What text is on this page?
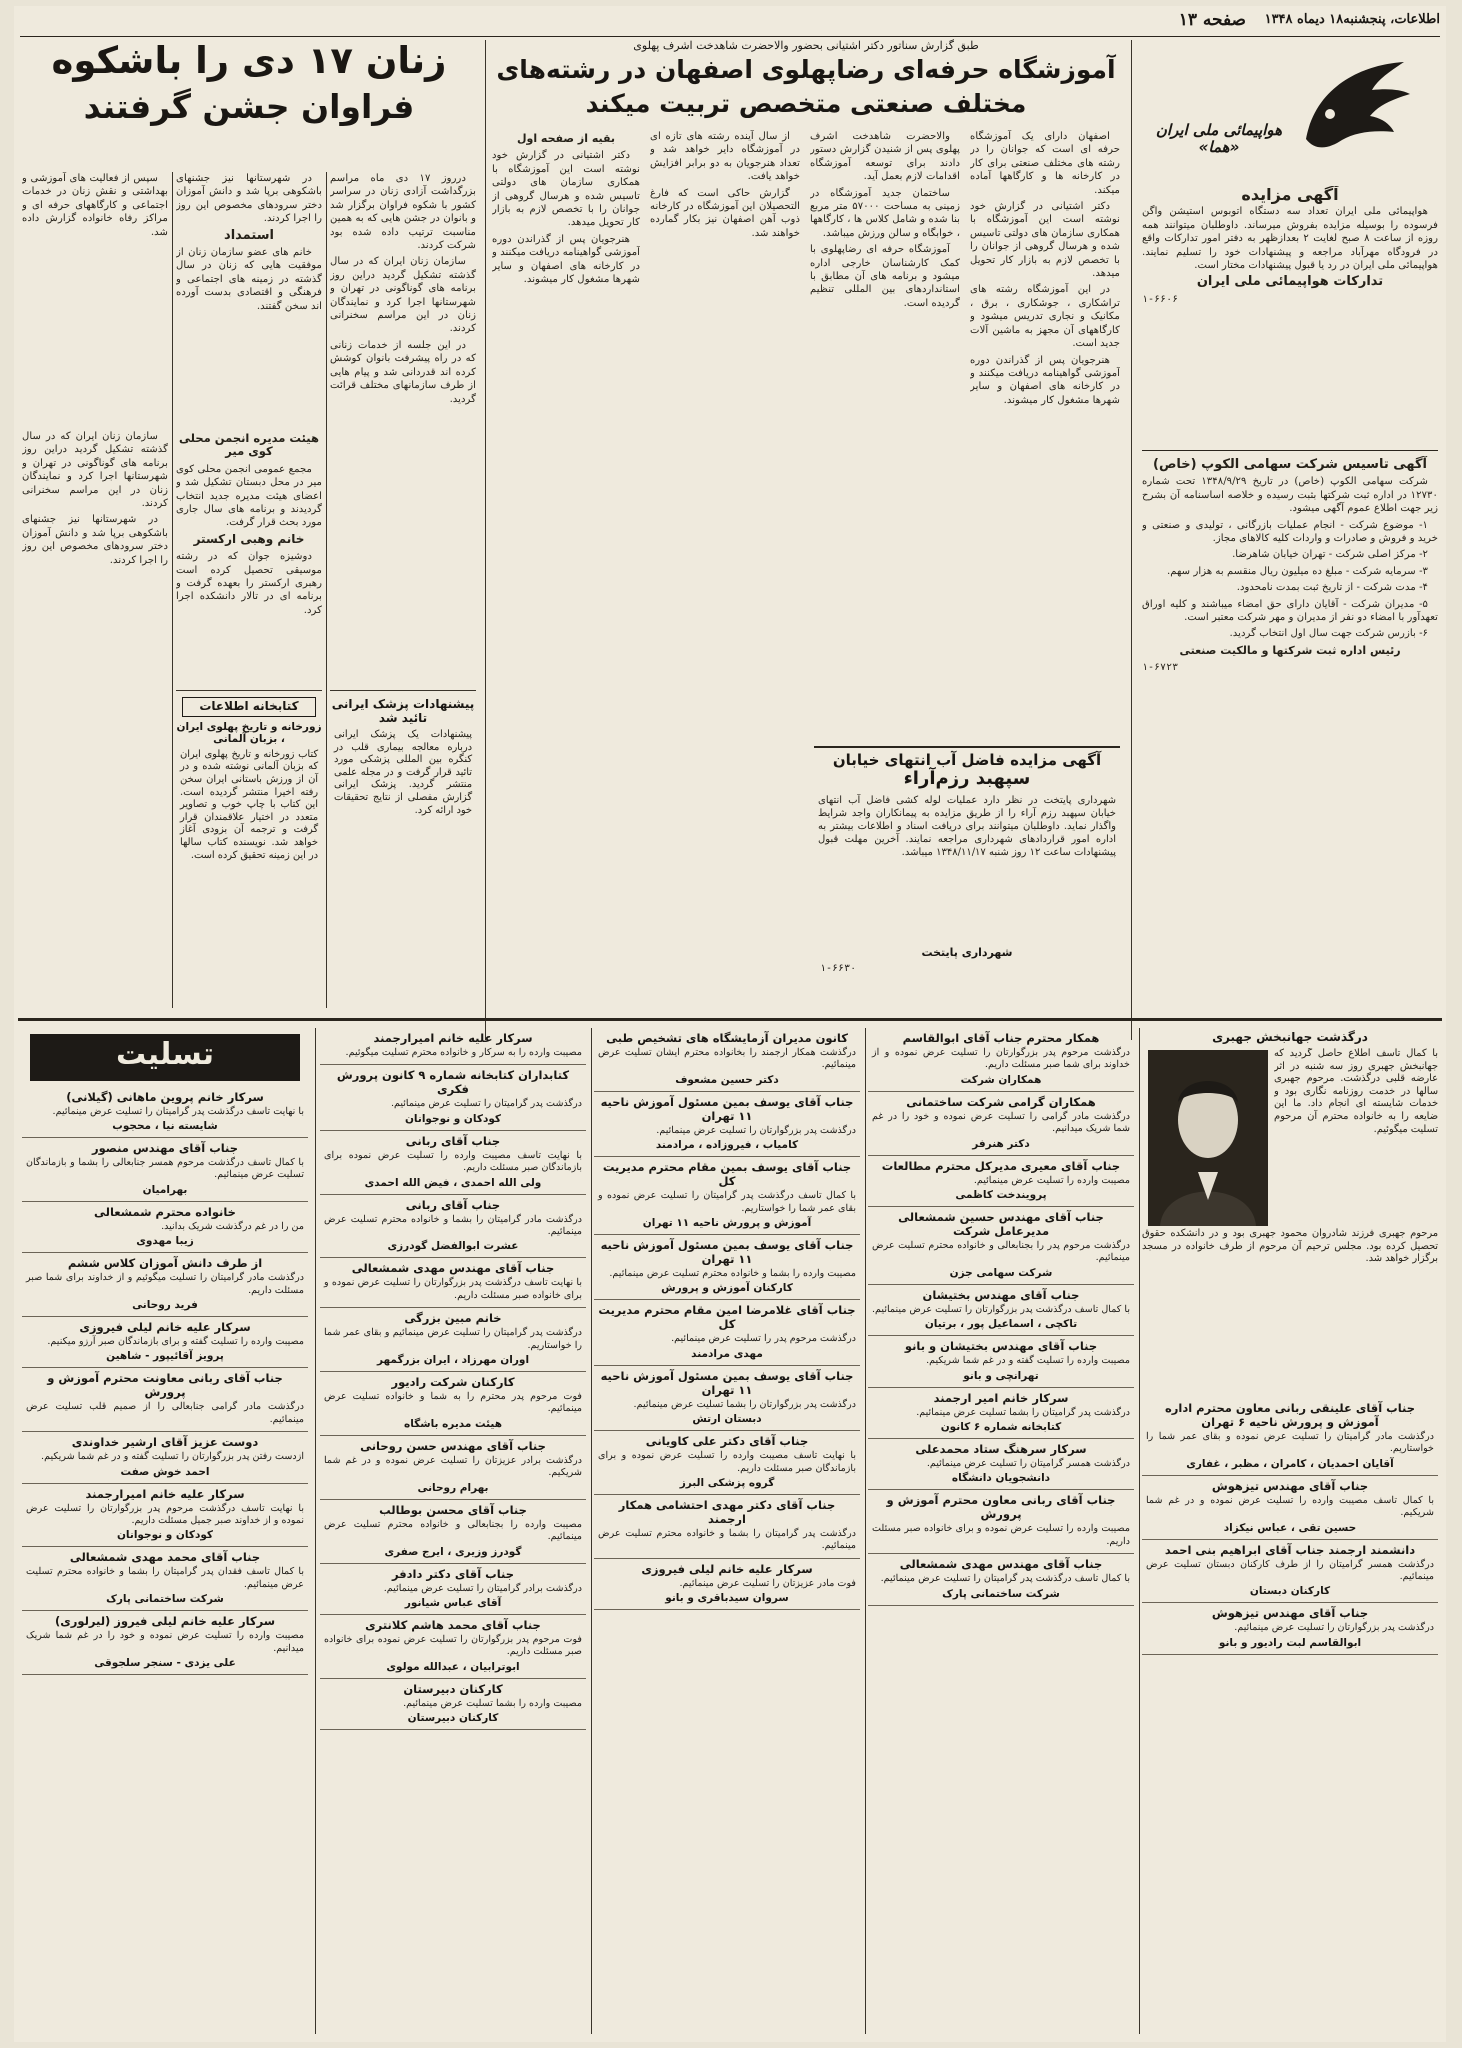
اطلاعات، پنجشنبه۱۸ دیماه ۱۳۴۸
صفحه ۱۳
هواپیمائی ملی ایران «هما»
آگهی مزایده

هواپیمائی ملی ایران تعداد سه دستگاه اتوبوس استیشن واگن فرسوده را بوسیله مزایده بفروش میرساند. داوطلبان میتوانند همه روزه از ساعت ۸ صبح لغایت ۲ بعدازظهر به دفتر امور تدارکات واقع در فرودگاه مهرآباد مراجعه و پیشنهادات خود را تسلیم نمایند. هواپیمائی ملی ایران در رد یا قبول پیشنهادات مختار است.

تدارکات هواپیمائی ملی ایران
۱-۶۶۰۶
آگهی تاسیس شرکت سهامی الکوپ (خاص)

شرکت سهامی الکوپ (خاص) در تاریخ ۱۳۴۸/۹/۲۹ تحت شماره ۱۲۷۳۰ در اداره ثبت شرکتها بثبت رسیده و خلاصه اساسنامه آن بشرح زیر جهت اطلاع عموم آگهی میشود.

۱- موضوع شرکت - انجام عملیات بازرگانی ، تولیدی و صنعتی و خرید و فروش و صادرات و واردات کلیه کالاهای مجاز.

۲- مرکز اصلی شرکت - تهران خیابان شاهرضا.

۳- سرمایه شرکت - مبلغ ده میلیون ریال منقسم به هزار سهم.

۴- مدت شرکت - از تاریخ ثبت بمدت نامحدود.

۵- مدیران شرکت - آقایان دارای حق امضاء میباشند و کلیه اوراق تعهدآور با امضاء دو نفر از مدیران و مهر شرکت معتبر است.

۶- بازرس شرکت جهت سال اول انتخاب گردید.

رئیس اداره ثبت شرکتها و مالکیت صنعتی
۱-۶۷۲۳
طبق گزارش سناتور دکتر اشتیانی بحضور والاحضرت شاهدخت اشرف پهلوی
آموزشگاه حرفه‌ای رضاپهلوی اصفهان در رشته‌های
مختلف صنعتی متخصص تربیت میکند

اصفهان دارای یک آموزشگاه حرفه ای است که جوانان را در رشته های مختلف صنعتی برای کار در کارخانه ها و کارگاهها آماده میکند.

دکتر اشتیانی در گزارش خود نوشته است این آموزشگاه با همکاری سازمان های دولتی تاسیس شده و هرسال گروهی از جوانان را با تخصص لازم به بازار کار تحویل میدهد.

در این آموزشگاه رشته های تراشکاری ، جوشکاری ، برق ، مکانیک و نجاری تدریس میشود و کارگاههای آن مجهز به ماشین آلات جدید است.

هنرجویان پس از گذراندن دوره آموزشی گواهینامه دریافت میکنند و در کارخانه های اصفهان و سایر شهرها مشغول کار میشوند.

والاحضرت شاهدخت اشرف پهلوی پس از شنیدن گزارش دستور دادند برای توسعه آموزشگاه اقدامات لازم بعمل آید.

ساختمان جدید آموزشگاه در زمینی به مساحت ۵۷۰۰۰ متر مربع بنا شده و شامل کلاس ها ، کارگاهها ، خوابگاه و سالن ورزش میباشد.

آموزشگاه حرفه ای رضاپهلوی با کمک کارشناسان خارجی اداره میشود و برنامه های آن مطابق با استانداردهای بین المللی تنظیم گردیده است.

از سال آینده رشته های تازه ای در آموزشگاه دایر خواهد شد و تعداد هنرجویان به دو برابر افزایش خواهد یافت.

گزارش حاکی است که فارغ التحصیلان این آموزشگاه در کارخانه ذوب آهن اصفهان نیز بکار گمارده خواهند شد.

بقیه از صفحه اول

دکتر اشتیانی در گزارش خود نوشته است این آموزشگاه با همکاری سازمان های دولتی تاسیس شده و هرسال گروهی از جوانان را با تخصص لازم به بازار کار تحویل میدهد.

هنرجویان پس از گذراندن دوره آموزشی گواهینامه دریافت میکنند و در کارخانه های اصفهان و سایر شهرها مشغول کار میشوند.

آگهی مزایده فاضل آب انتهای خیابان
سپهبد رزم‌آراء
شهرداری پایتخت در نظر دارد عملیات لوله کشی فاضل آب انتهای خیابان سپهبد رزم آراء را از طریق مزایده به پیمانکاران واجد شرایط واگذار نماید. داوطلبان میتوانند برای دریافت اسناد و اطلاعات بیشتر به اداره امور قراردادهای شهرداری مراجعه نمایند. آخرین مهلت قبول پیشنهادات ساعت ۱۲ روز شنبه ۱۳۴۸/۱۱/۱۷ میباشد.
شهرداری پایتخت
۱-۶۶۳۰
زنان ۱۷ دی را باشکوه
فراوان جشن گرفتند

درروز ۱۷ دی ماه مراسم بزرگداشت آزادی زنان در سراسر کشور با شکوه فراوان برگزار شد و بانوان در جشن هایی که به همین مناسبت ترتیب داده شده بود شرکت کردند.

سازمان زنان ایران که در سال گذشته تشکیل گردید دراین روز برنامه های گوناگونی در تهران و شهرستانها اجرا کرد و نمایندگان زنان در این مراسم سخنرانی کردند.

در این جلسه از خدمات زنانی که در راه پیشرفت بانوان کوشش کرده اند قدردانی شد و پیام هایی از طرف سازمانهای مختلف قرائت گردید.

در شهرستانها نیز جشنهای باشکوهی برپا شد و دانش آموزان دختر سرودهای مخصوص این روز را اجرا کردند.

استمداد

خانم های عضو سازمان زنان از موفقیت هایی که زنان در سال گذشته در زمینه های اجتماعی و فرهنگی و اقتصادی بدست آورده اند سخن گفتند.

سپس از فعالیت های آموزشی و بهداشتی و نقش زنان در خدمات اجتماعی و کارگاههای حرفه ای و مراکز رفاه خانواده گزارش داده شد.

هیئت مدیره انجمن محلی کوی میر

مجمع عمومی انجمن محلی کوی میر در محل دبستان تشکیل شد و اعضای هیئت مدیره جدید انتخاب گردیدند و برنامه های سال جاری مورد بحث قرار گرفت.

خانم وهبی ارکستر

دوشیزه جوان که در رشته موسیقی تحصیل کرده است رهبری ارکستر را بعهده گرفت و برنامه ای در تالار دانشکده اجرا کرد.

سازمان زنان ایران که در سال گذشته تشکیل گردید دراین روز برنامه های گوناگونی در تهران و شهرستانها اجرا کرد و نمایندگان زنان در این مراسم سخنرانی کردند.

در شهرستانها نیز جشنهای باشکوهی برپا شد و دانش آموزان دختر سرودهای مخصوص این روز را اجرا کردند.

کتابخانه اطلاعات
زورخانه و تاریخ پهلوی ایران ، بزبان آلمانی
کتاب زورخانه و تاریخ پهلوی ایران که بزبان آلمانی نوشته شده و در آن از ورزش باستانی ایران سخن رفته اخیرا منتشر گردیده است. این کتاب با چاپ خوب و تصاویر متعدد در اختیار علاقمندان قرار گرفت و ترجمه آن بزودی آغاز خواهد شد. نویسنده کتاب سالها در این زمینه تحقیق کرده است.
پیشنهادات پزشک ایرانی تائید شد
پیشنهادات یک پزشک ایرانی درباره معالجه بیماری قلب در کنگره بین المللی پزشکی مورد تائید قرار گرفت و در مجله علمی منتشر گردید. پزشک ایرانی گزارش مفصلی از نتایج تحقیقات خود ارائه کرد.
درگذشت جهانبخش جهبری
با کمال تاسف اطلاع حاصل گردید که جهانبخش جهبری روز سه شنبه در اثر عارضه قلبی درگذشت. مرحوم جهبری سالها در خدمت روزنامه نگاری بود و خدمات شایسته ای انجام داد. ما این ضایعه را به خانواده محترم آن مرحوم تسلیت میگوئیم.
مرحوم جهبری فرزند شادروان محمود جهبری بود و در دانشکده حقوق تحصیل کرده بود. مجلس ترحیم آن مرحوم از طرف خانواده در مسجد برگزار خواهد شد.
جناب آقای علینقی ربانی معاون محترم اداره آموزش و پرورش ناحیه ۶ تهران
درگذشت مادر گرامیتان را تسلیت عرض نموده و بقای عمر شما را خواستاریم.
آقایان احمدیان ، کامران ، مظبر ، غفاری
جناب آقای مهندس تیزهوش
با کمال تاسف مصیبت وارده را تسلیت عرض نموده و در غم شما شریکیم.
حسین تقی ، عباس نیکزاد
دانشمند ارجمند جناب آقای ابراهیم بنی احمد
درگذشت همسر گرامیتان را از طرف کارکنان دبستان تسلیت عرض مینمائیم.
کارکنان دبستان
جناب آقای مهندس تیزهوش
درگذشت پدر بزرگوارتان را تسلیت عرض مینمائیم.
ابوالقاسم لبت رادیور و بانو
همکار محترم جناب آقای ابوالقاسم
درگذشت مرحوم پدر بزرگوارتان را تسلیت عرض نموده و از خداوند برای شما صبر مسئلت داریم.
همکاران شرکت
همکاران گرامی شرکت ساختمانی
درگذشت مادر گرامی را تسلیت عرض نموده و خود را در غم شما شریک میدانیم.
دکتر هنرفر
جناب آقای معیری مدیرکل محترم مطالعات
مصیبت وارده را تسلیت عرض مینمائیم.
پرویندخت کاظمی
جناب آقای مهندس حسین شمشعالی مدیرعامل شرکت
درگذشت مرحوم پدر را بجنابعالی و خانواده محترم تسلیت عرض مینمائیم.
شرکت سهامی جزن
جناب آقای مهندس بختیشان
با کمال تاسف درگذشت پدر بزرگوارتان را تسلیت عرض مینمائیم.
تاکچی ، اسماعیل پور ، برتیان
جناب آقای مهندس بختیشان و بانو
مصیبت وارده را تسلیت گفته و در غم شما شریکیم.
تهرانچی و بانو
سرکار خانم امیر ارجمند
درگذشت پدر گرامیتان را بشما تسلیت عرض مینمائیم.
کتابخانه شماره ۶ کانون
سرکار سرهنگ ستاد محمدعلی
درگذشت همسر گرامیتان را تسلیت عرض مینمائیم.
دانشجویان دانشگاه
جناب آقای ربانی معاون محترم آموزش و پرورش
مصیبت وارده را تسلیت عرض نموده و برای خانواده صبر مسئلت داریم.
جناب آقای مهندس مهدی شمشعالی
با کمال تاسف درگذشت پدر گرامیتان را تسلیت عرض مینمائیم.
شرکت ساختمانی پارک
کانون مدیران آزمایشگاه های تشخیص طبی
درگذشت همکار ارجمند را بخانواده محترم ایشان تسلیت عرض مینمائیم.
دکتر حسین مشعوف
جناب آقای یوسف بمین مسئول آموزش ناحیه ۱۱ تهران
درگذشت پدر بزرگوارتان را تسلیت عرض مینمائیم.
کامیاب ، فیروزاده ، مرادمند
جناب آقای یوسف بمین مقام محترم مدیریت کل
با کمال تاسف درگذشت پدر گرامیتان را تسلیت عرض نموده و بقای عمر شما را خواستاریم.
آموزش و پرورش ناحیه ۱۱ تهران
جناب آقای یوسف بمین مسئول آموزش ناحیه ۱۱ تهران
مصیبت وارده را بشما و خانواده محترم تسلیت عرض مینمائیم.
کارکنان آموزش و پرورش
جناب آقای غلامرضا امین مقام محترم مدیریت کل
درگذشت مرحوم پدر را تسلیت عرض مینمائیم.
مهدی مرادمند
جناب آقای یوسف بمین مسئول آموزش ناحیه ۱۱ تهران
درگذشت پدر بزرگوارتان را بشما تسلیت عرض مینمائیم.
دبستان ارتش
جناب آقای دکتر علی کاویانی
با نهایت تاسف مصیبت وارده را تسلیت عرض نموده و برای بازماندگان صبر مسئلت داریم.
گروه پزشکی البرز
جناب آقای دکتر مهدی احتشامی همکار ارجمند
درگذشت پدر گرامیتان را بشما و خانواده محترم تسلیت عرض مینمائیم.
سرکار علیه خانم لیلی فیروزی
فوت مادر عزیزتان را تسلیت عرض مینمائیم.
سروان سیدباقری و بانو
سرکار علیه خانم امیرارجمند
مصیبت وارده را به سرکار و خانواده محترم تسلیت میگوئیم.
کتابداران کتابخانه شماره ۹ کانون پرورش فکری
درگذشت پدر گرامیتان را تسلیت عرض مینمائیم.
کودکان و نوجوانان
جناب آقای ربانی
با نهایت تاسف مصیبت وارده را تسلیت عرض نموده برای بازماندگان صبر مسئلت داریم.
ولی الله احمدی ، فیض الله احمدی
جناب آقای ربانی
درگذشت مادر گرامیتان را بشما و خانواده محترم تسلیت عرض مینمائیم.
عشرت ابوالفضل گودرزی
جناب آقای مهندس مهدی شمشعالی
با نهایت تاسف درگذشت پدر بزرگوارتان را تسلیت عرض نموده و برای خانواده صبر مسئلت داریم.
خانم مبین بزرگی
درگذشت پدر گرامیتان را تسلیت عرض مینمائیم و بقای عمر شما را خواستاریم.
اوران مهرزاد ، ایران بزرگمهر
کارکنان شرکت رادیور
فوت مرحوم پدر محترم را به شما و خانواده تسلیت عرض مینمائیم.
هیئت مدیره باشگاه
جناب آقای مهندس حسن روحانی
درگذشت برادر عزیزتان را تسلیت عرض نموده و در غم شما شریکیم.
بهرام روحانی
جناب آقای محسن بوطالب
مصیبت وارده را بجنابعالی و خانواده محترم تسلیت عرض مینمائیم.
گودرز وزیری ، ایرج صفری
جناب آقای دکتر دادفر
درگذشت برادر گرامیتان را تسلیت عرض مینمائیم.
آقای عباس شیانور
جناب آقای محمد هاشم کلانتری
فوت مرحوم پدر بزرگوارتان را تسلیت عرض نموده برای خانواده صبر مسئلت داریم.
ابوترابیان ، عبدالله مولوی
کارکنان دبیرستان
مصیبت وارده را بشما تسلیت عرض مینمائیم.
کارکنان دبیرستان
تسلیت
سرکار خانم پروین ماهانی (گیلانی)
با نهایت تاسف درگذشت پدر گرامیتان را تسلیت عرض مینمائیم.
شایسته نیا ، محجوب
جناب آقای مهندس منصور
با کمال تاسف درگذشت مرحوم همسر جنابعالی را بشما و بازماندگان تسلیت عرض مینمائیم.
بهرامیان
خانواده محترم شمشعالی
من را در غم درگذشت شریک بدانید.
زیبا مهدوی
از طرف دانش آموزان کلاس ششم
درگذشت مادر گرامیتان را تسلیت میگوئیم و از خداوند برای شما صبر مسئلت داریم.
فرید روحانی
سرکار علیه خانم لیلی فیروزی
مصیبت وارده را تسلیت گفته و برای بازماندگان صبر آرزو میکنیم.
پرویز آقائیپور - شاهین
جناب آقای ربانی معاونت محترم آموزش و پرورش
درگذشت مادر گرامی جنابعالی را از صمیم قلب تسلیت عرض مینمائیم.
دوست عزیز آقای ارشیر خداوندی
ازدست رفتن پدر بزرگوارتان را تسلیت گفته و در غم شما شریکیم.
احمد خوش صفت
سرکار علیه خانم امیرارجمند
با نهایت تاسف درگذشت مرحوم پدر بزرگوارتان را تسلیت عرض نموده و از خداوند صبر جمیل مسئلت داریم.
کودکان و نوجوانان
جناب آقای محمد مهدی شمشعالی
با کمال تاسف فقدان پدر گرامیتان را بشما و خانواده محترم تسلیت عرض مینمائیم.
شرکت ساختمانی پارک
سرکار علیه خانم لیلی فیروز (لیرلوری)
مصیبت وارده را تسلیت عرض نموده و خود را در غم شما شریک میدانیم.
علی یزدی - سنجر سلجوقی
